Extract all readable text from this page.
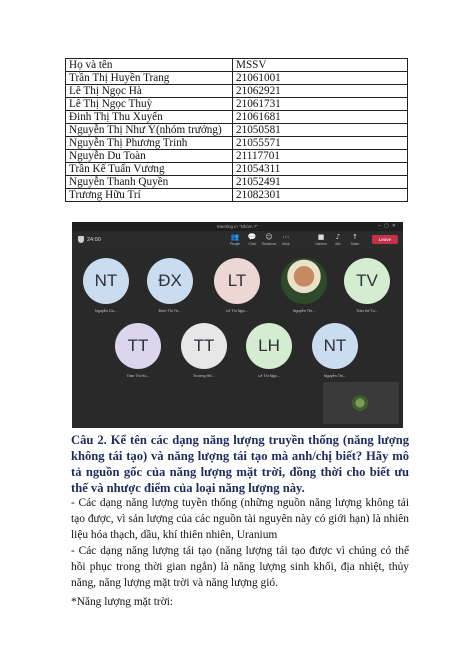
Họ và tên	MSSV
Trần Thị Huyền Trang	21061001
Lê Thị Ngọc Hà	21062921
Lê Thị Ngọc Thuỳ	21061731
Đinh Thị Thu Xuyến	21061681
Nguyễn Thị Như Ý(nhóm trưởng)	21050581
Nguyễn Thị Phương Trinh	21055571
Nguyễn Du Toàn	21117701
Trần Kế Tuấn Vương	21054311
Nguyễn Thanh Quyền	21052491
Trương Hữu Trí	21082301
Meeting in "Nhóm 7"	–▢✕
24:00	👥
People
💬
Chat
☺
Reactions
⋯
More
■
Camera
♪
Mic
↑
Share
Leave
NT
Nguyễn Du...
ĐX
Đinh Thị Th...
LT
Lê Thị Ngọ...	Nguyễn Thị...
TV
Trần Kế Tu...
TT
Trần Thị Hu...
TT
Trương Hữ...
LH
Lê Thị Ngọ...
NT
Nguyễn Thị...

Câu 2. Kể tên các dạng năng lượng truyền thống (năng lượng không tái tạo) và năng lượng tái tạo mà anh/chị biết? Hãy mô tả nguồn gốc của năng lượng mặt trời, đồng thời cho biết ưu thế và nhược điểm của loại năng lượng này.

- Các dạng năng lượng tuyền thống (những nguồn năng lượng không tái tạo được, vì sản lượng của các nguồn tài nguyên này có giới hạn) là nhiên liệu hóa thạch, dầu, khí thiên nhiên, Uranium

- Các dạng năng lượng tái tạo (năng lượng tái tạo được vì chúng có thể hồi phục trong thời gian ngắn) là năng lượng sinh khối, địa nhiệt, thủy năng, năng lượng mặt trời và năng lượng gió.

*Năng lượng mặt trời:
